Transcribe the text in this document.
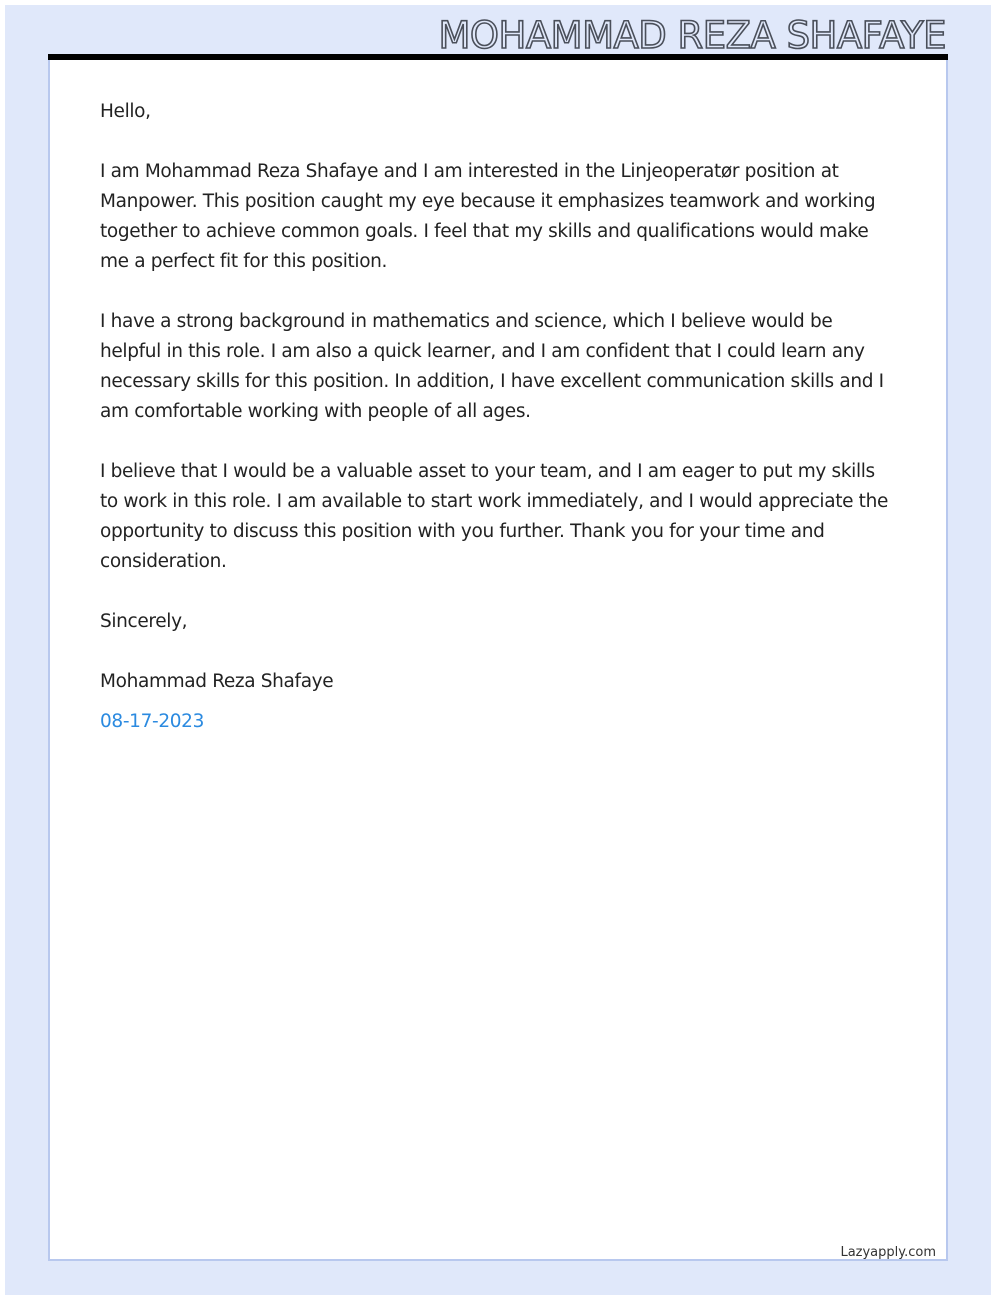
MOHAMMAD REZA SHAFAYE

Hello,

I am Mohammad Reza Shafaye and I am interested in the Linjeoperatør position at Manpower. This position caught my eye because it emphasizes teamwork and working together to achieve common goals. I feel that my skills and qualifications would make me a perfect fit for this position.

I have a strong background in mathematics and science, which I believe would be helpful in this role. I am also a quick learner, and I am confident that I could learn any necessary skills for this position. In addition, I have excellent communication skills and I am comfortable working with people of all ages.

I believe that I would be a valuable asset to your team, and I am eager to put my skills to work in this role. I am available to start work immediately, and I would appreciate the opportunity to discuss this position with you further. Thank you for your time and consideration.

Sincerely,

Mohammad Reza Shafaye

08-17-2023

Lazyapply.com
